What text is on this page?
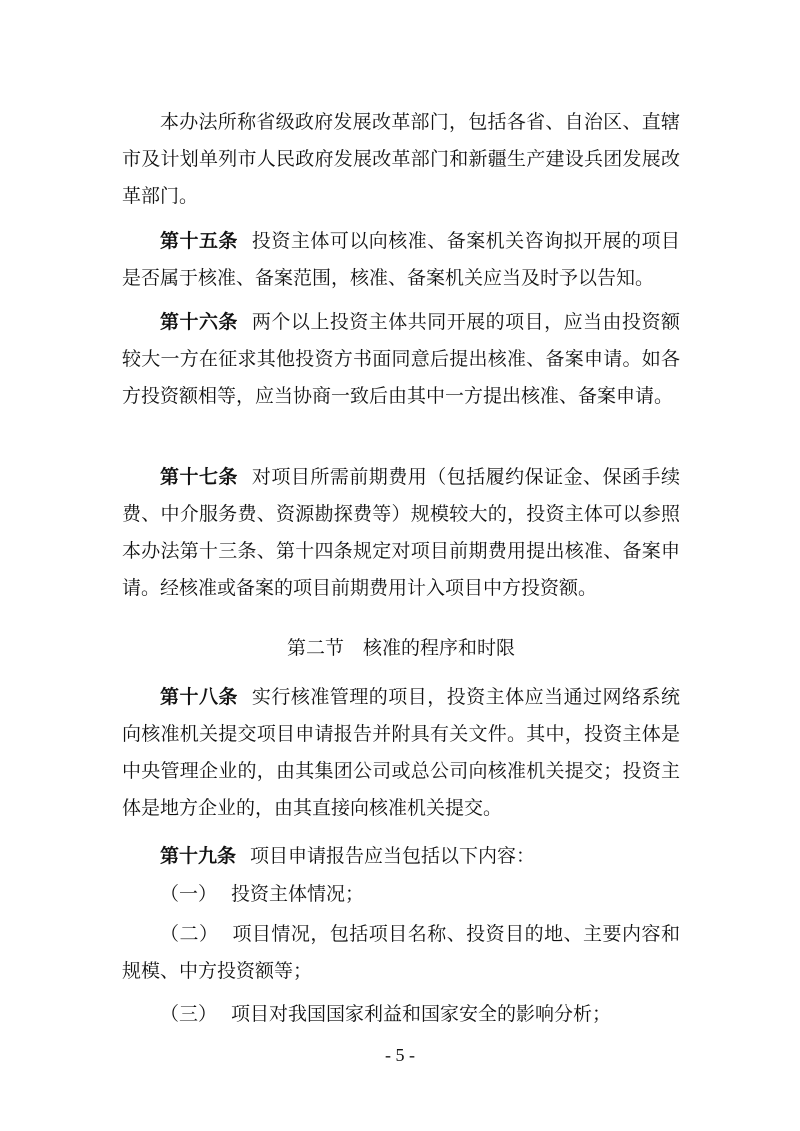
本办法所称省级政府发展改革部门，包括各省、自治区、直辖市及计划单列市人民政府发展改革部门和新疆生产建设兵团发展改革部门。

第十五条 投资主体可以向核准、备案机关咨询拟开展的项目是否属于核准、备案范围，核准、备案机关应当及时予以告知。

第十六条 两个以上投资主体共同开展的项目，应当由投资额较大一方在征求其他投资方书面同意后提出核准、备案申请。如各方投资额相等，应当协商一致后由其中一方提出核准、备案申请。

第十七条 对项目所需前期费用（包括履约保证金、保函手续费、中介服务费、资源勘探费等）规模较大的，投资主体可以参照本办法第十三条、第十四条规定对项目前期费用提出核准、备案申请。经核准或备案的项目前期费用计入项目中方投资额。

第二节　核准的程序和时限

第十八条 实行核准管理的项目，投资主体应当通过网络系统向核准机关提交项目申请报告并附具有关文件。其中，投资主体是中央管理企业的，由其集团公司或总公司向核准机关提交；投资主体是地方企业的，由其直接向核准机关提交。

第十九条 项目申请报告应当包括以下内容：

（一） 投资主体情况；

（二） 项目情况，包括项目名称、投资目的地、主要内容和规模、中方投资额等；

（三） 项目对我国国家利益和国家安全的影响分析；

- 5 -
